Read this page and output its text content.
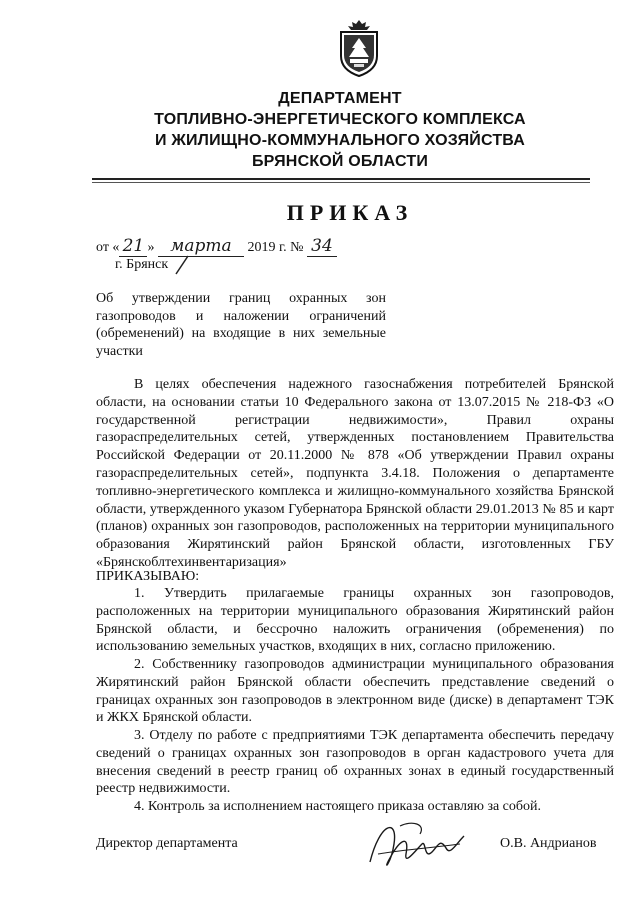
ДЕПАРТАМЕНТ
ТОПЛИВНО-ЭНЕРГЕТИЧЕСКОГО КОМПЛЕКСА
И ЖИЛИЩНО-КОММУНАЛЬНОГО ХОЗЯЙСТВА
БРЯНСКОЙ ОБЛАСТИ
ПРИКАЗ
от « 21 » марта 2019 г. № 34
г. Брянск
Об утверждении границ охранных зон газопроводов и наложении ограничений (обременений) на входящие в них земельные участки
В целях обеспечения надежного газоснабжения потребителей Брянской области, на основании статьи 10 Федерального закона от 13.07.2015 № 218-ФЗ «О государственной регистрации недвижимости», Правил охраны газораспределительных сетей, утвержденных постановлением Правительства Российской Федерации от 20.11.2000 № 878 «Об утверждении Правил охраны газораспределительных сетей», подпункта 3.4.18. Положения о департаменте топливно-энергетического комплекса и жилищно-коммунального хозяйства Брянской области, утвержденного указом Губернатора Брянской области 29.01.2013 № 85 и карт (планов) охранных зон газопроводов, расположенных на территории муниципального образования Жирятинский район Брянской области, изготовленных ГБУ «Брянскоблтехинвентаризация»
ПРИКАЗЫВАЮ:
1. Утвердить прилагаемые границы охранных зон газопроводов, расположенных на территории муниципального образования Жирятинский район Брянской области, и бессрочно наложить ограничения (обременения) по использованию земельных участков, входящих в них, согласно приложению.
2. Собственнику газопроводов администрации муниципального образования Жирятинский район Брянской области обеспечить представление сведений о границах охранных зон газопроводов в электронном виде (диске) в департамент ТЭК и ЖКХ Брянской области.
3. Отделу по работе с предприятиями ТЭК департамента обеспечить передачу сведений о границах охранных зон газопроводов в орган кадастрового учета для внесения сведений в реестр границ об охранных зонах в единый государственный реестр недвижимости.
4. Контроль за исполнением настоящего приказа оставляю за собой.
Директор департамента	О.В. Андрианов
